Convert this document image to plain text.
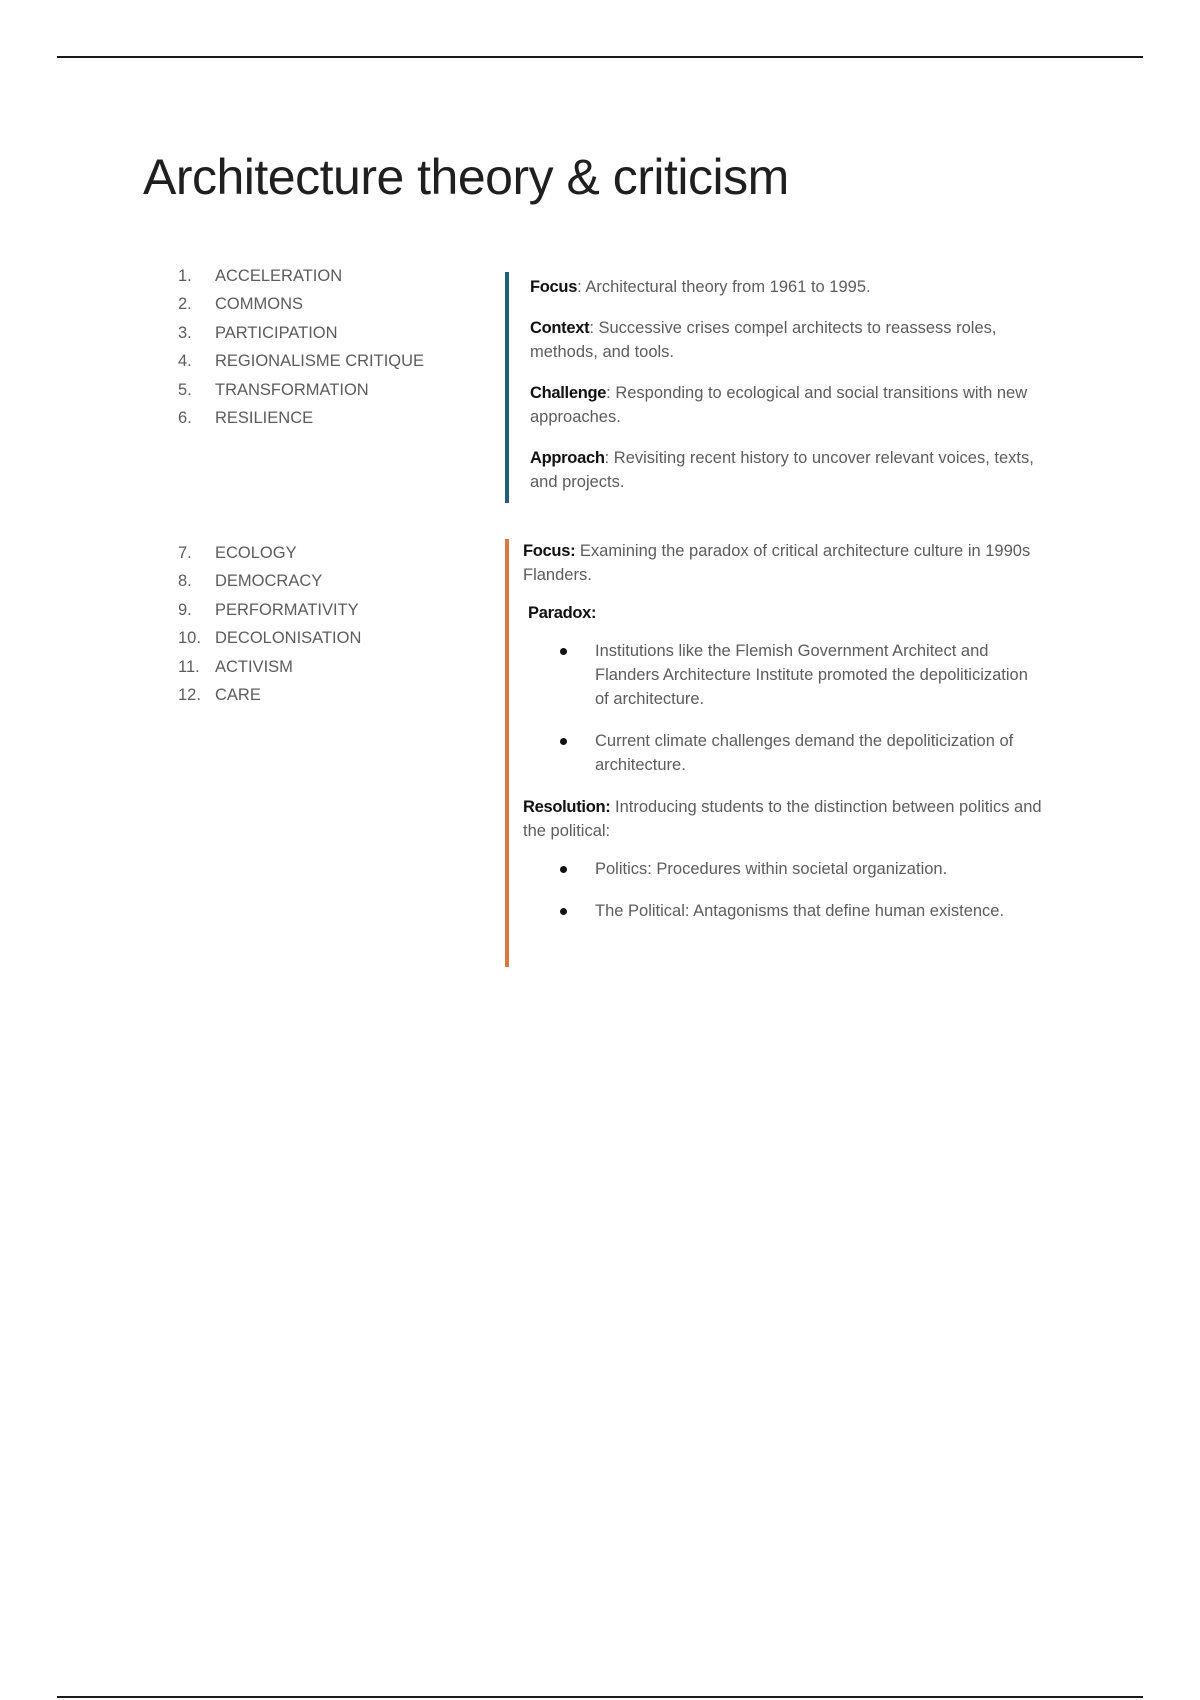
Architecture theory & criticism
1.	ACCELERATION
2.	COMMONS
3.	PARTICIPATION
4.	REGIONALISME CRITIQUE
5.	TRANSFORMATION
6.	RESILIENCE

Focus: Architectural theory from 1961 to 1995.

Context: Successive crises compel architects to reassess roles, methods, and tools.

Challenge: Responding to ecological and social transitions with new approaches.

Approach: Revisiting recent history to uncover relevant voices, texts, and projects.

7.	ECOLOGY
8.	DEMOCRACY
9.	PERFORMATIVITY
10. DECOLONISATION
11. ACTIVISM
12. CARE

Focus: Examining the paradox of critical architecture culture in 1990s Flanders.

Paradox:

Institutions like the Flemish Government Architect and Flanders Architecture Institute promoted the depoliticization of architecture.
Current climate challenges demand the depoliticization of architecture.

Resolution: Introducing students to the distinction between politics and the political:

Politics: Procedures within societal organization.
The Political: Antagonisms that define human existence.
